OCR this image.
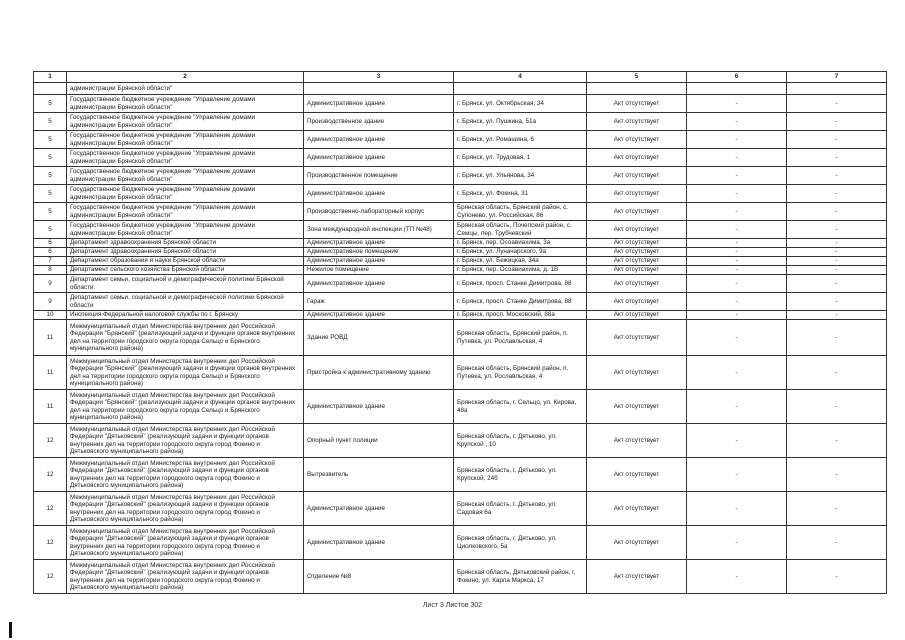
1	2	3	4	5	6	7
	администрации Брянской области"					
5	Государственное бюджетное учреждение "Управление домами администрации Брянской области"	Административное здание	г. Брянск, ул. Октябрьская, 34	Акт отсутствует	-	-
5	Государственное бюджетное учреждение "Управление домами администрации Брянской области"	Производственное здание	г. Брянск, ул. Пушкина, 51а	Акт отсутствует	-	-
5	Государственное бюджетное учреждение "Управление домами администрации Брянской области"	Административное здание	г. Брянск, ул. Ромашина, 6	Акт отсутствует	-	-
5	Государственное бюджетное учреждение "Управление домами администрации Брянской области"	Административное здание	г. Брянск, ул. Трудовая, 1	Акт отсутствует	-	-
5	Государственное бюджетное учреждение "Управление домами администрации Брянской области"	Производственное помещение	г. Брянск, ул. Ульянова, 34	Акт отсутствует	-	-
5	Государственное бюджетное учреждение "Управление домами администрации Брянской области"	Административное здание	г. Брянск, ул. Фокина, 31	Акт отсутствует	-	-
5	Государственное бюджетное учреждение "Управление домами администрации Брянской области"	Производственно-лабораторный корпус	Брянская область, Брянский район, с. Супонево, ул. Российская, 86	Акт отсутствует	-	-
5	Государственное бюджетное учреждение "Управление домами администрации Брянской области"	Зона международной инспекции (ТП №48)	Брянская область, Почепский район, с. Семцы, пер. Трубчевский	Акт отсутствует	-	-
6	Департамент здравоохранения Брянской области	Административное здание	г. Брянск, пер. Осоавиахима, 3а	Акт отсутствует	-	-
6	Департамент здравоохранения Брянской области	Административное помещение	г. Брянск, ул. Луначарского, 9а	Акт отсутствует	-	-
7	Департамент образования и науки Брянской области	Административное здание	г. Брянск, ул. Бежицкая, 34а	Акт отсутствует	-	-
8	Департамент сельского хозяйства Брянской области	Нежилое помещение	г. Брянск, пер. Осоавиахима, д. 1В	Акт отсутствует	-	-
9	Департамент семьи, социальной и демографической политики Брянской области	Административное здание	г. Брянск, просп. Станке Димитрова, 88	Акт отсутствует	-	-
9	Департамент семьи, социальной и демографической политики Брянской области	Гараж	г. Брянск, просп. Станке Димитрова, 88	Акт отсутствует	-	-
10	Инспекция Федеральной налоговой службы по г. Брянску	Административное здание	г. Брянск, просп. Московский, 88а	Акт отсутствует	-	-
11	Межмуниципальный отдел Министерства внутренних дел Российской Федерации "Брянский" (реализующий задачи и функции органов внутренних дел на территории городского округа города Сельцо и Брянского муниципального района)	Здание РОВД	Брянская область, Брянский район, п. Путевка, ул. Рославльская, 4	Акт отсутствует	-	-
11	Межмуниципальный отдел Министерства внутренних дел Российской Федерации "Брянский" (реализующий задачи и функции органов внутренних дел на территории городского округа города Сельцо и Брянского муниципального района)	Пристройка к административному зданию	Брянская область, Брянский район, п. Путевка, ул. Рославльская, 4	Акт отсутствует	-	-
11	Межмуниципальный отдел Министерства внутренних дел Российской Федерации "Брянский" (реализующий задачи и функции органов внутренних дел на территории городского округа города Сельцо и Брянского муниципального района)	Административное здание	Брянская область, г. Сельцо, ул. Кирова, 48а	Акт отсутствует	-	-
12	Межмуниципальный отдел Министерства внутренних дел Российской Федерации "Дятьковский" (реализующий задачи и функции органов внутренних дел на территории городского округа город Фокино и Дятьковского муниципального района)	Опорный пункт полиции	Брянская область, г. Дятьково, ул. Крупской , 10	Акт отсутствует	-	-
12	Межмуниципальный отдел Министерства внутренних дел Российской Федерации "Дятьковский" (реализующий задачи и функции органов внутренних дел на территории городского округа город Фокино и Дятьковского муниципального района)	Вытрезвитель	Брянская область, г. Дятьково, ул. Крупской, 24б	Акт отсутствует	-	-
12	Межмуниципальный отдел Министерства внутренних дел Российской Федерации "Дятьковский" (реализующий задачи и функции органов внутренних дел на территории городского округа город Фокино и Дятьковского муниципального района)	Административное здание	Брянская область, г. Дятьково, ул. Садовая 6а	Акт отсутствует	-	-
12	Межмуниципальный отдел Министерства внутренних дел Российской Федерации "Дятьковский" (реализующий задачи и функции органов внутренних дел на территории городского округа город Фокино и Дятьковского муниципального района)	Административное здание	Брянская область, г. Дятьково, ул. Циолковского, 5а	Акт отсутствует	-	-
12	Межмуниципальный отдел Министерства внутренних дел Российской Федерации "Дятьковский" (реализующий задачи и функции органов внутренних дел на территории городского округа город Фокино и Дятьковского муниципального района)	Отделение №8	Брянская область, Дятьковский район, г. Фокино, ул. Карла Маркса, 17	Акт отсутствует	-	-
Лист 3 Листов 302
